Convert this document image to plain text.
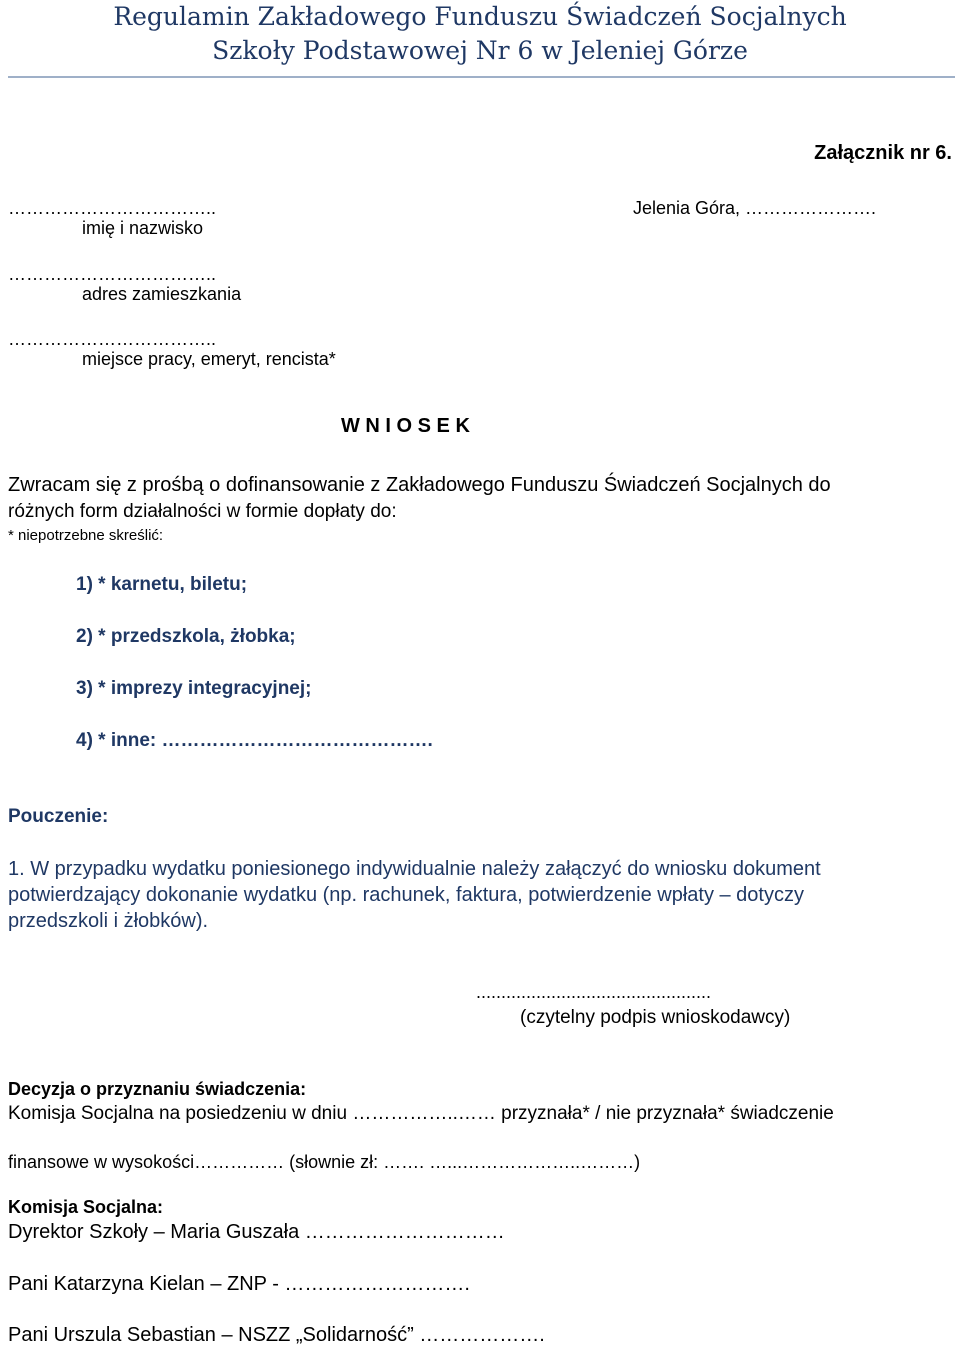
Regulamin Zakładowego Funduszu Świadczeń Socjalnych
Szkoły Podstawowej Nr 6 w Jeleniej Górze
Załącznik nr 6.
……………………………..
imię i nazwisko
Jelenia Góra, ………………….
……………………………..
adres zamieszkania
……………………………..
miejsce pracy, emeryt, rencista*
W N I O S E K
Zwracam się z prośbą o dofinansowanie z Zakładowego Funduszu Świadczeń Socjalnych do
różnych form działalności w formie dopłaty do:
* niepotrzebne skreślić:
1) * karnetu, biletu;
2) * przedszkola, żłobka;
3) * imprezy integracyjnej;
4) * inne: …………………………………….
Pouczenie:
1. W przypadku wydatku poniesionego indywidualnie należy załączyć do wniosku dokument
potwierdzający dokonanie wydatku (np. rachunek, faktura, potwierdzenie wpłaty – dotyczy
przedszkoli i żłobków).
...............................................
(czytelny podpis wnioskodawcy)
Decyzja o przyznaniu świadczenia:
Komisja Socjalna na posiedzeniu w dniu ……………..…… przyznała* / nie przyznała* świadczenie
finansowe w wysokości…………… (słownie zł: ……. …...………………..………)
Komisja Socjalna:
Dyrektor Szkoły – Maria Guszała …………………………
Pani Katarzyna Kielan – ZNP - ……………………….
Pani Urszula Sebastian – NSZZ „Solidarność” ……………….
